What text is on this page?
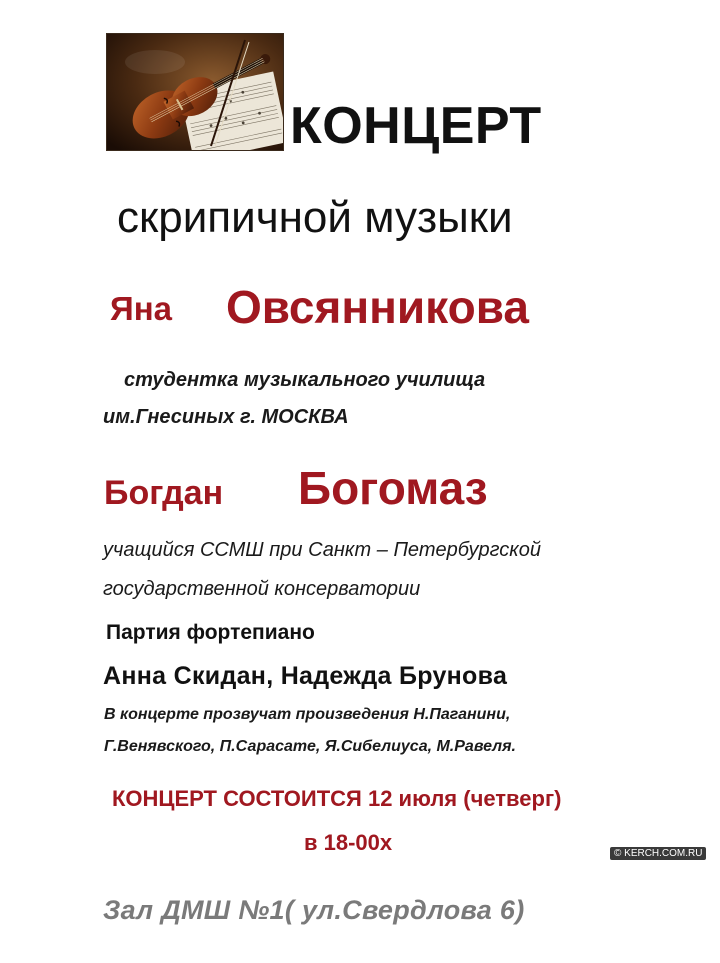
КОНЦЕРТ
скрипичной музыки
Яна Овсянникова
студентка музыкального училища
им.Гнесиных г. МОСКВА
Богдан Богомаз
учащийся ССМШ при Санкт – Петербургской
государственной консерватории
Партия фортепиано
Анна Скидан, Надежда Брунова
В концерте прозвучат произведения Н.Паганини,
Г.Венявского, П.Сарасате, Я.Сибелиуса, М.Равеля.
КОНЦЕРТ СОСТОИТСЯ 12 июля (четверг)
в 18-00х	© KERCH.COM.RU
Зал ДМШ №1( ул.Свердлова 6)
